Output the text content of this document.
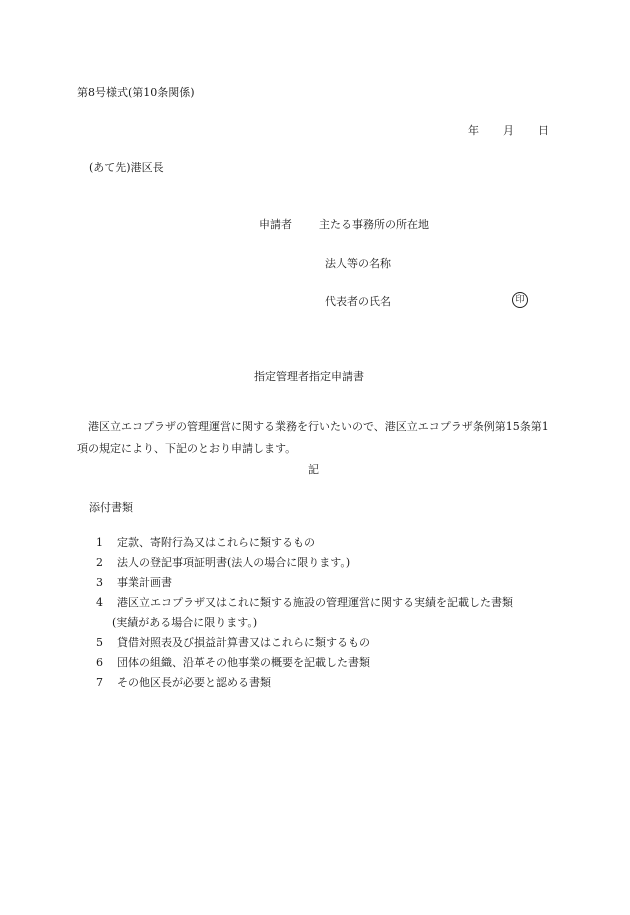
第8号様式(第10条関係)
年 月 日
(あて先)港区長
申請者 主たる事務所の所在地
法人等の名称
代表者の氏名	印
指定管理者指定申請書

港区立エコプラザの管理運営に関する業務を行いたいので、港区立エコプラザ条例第15条第1項の規定により、下記のとおり申請します。

記
添付書類
1 定款、寄附行為又はこれらに類するもの
2 法人の登記事項証明書(法人の場合に限ります。)
3 事業計画書
4 港区立エコプラザ又はこれに類する施設の管理運営に関する実績を記載した書類
(実績がある場合に限ります。)
5 貸借対照表及び損益計算書又はこれらに類するもの
6 団体の組織、沿革その他事業の概要を記載した書類
7 その他区長が必要と認める書類
